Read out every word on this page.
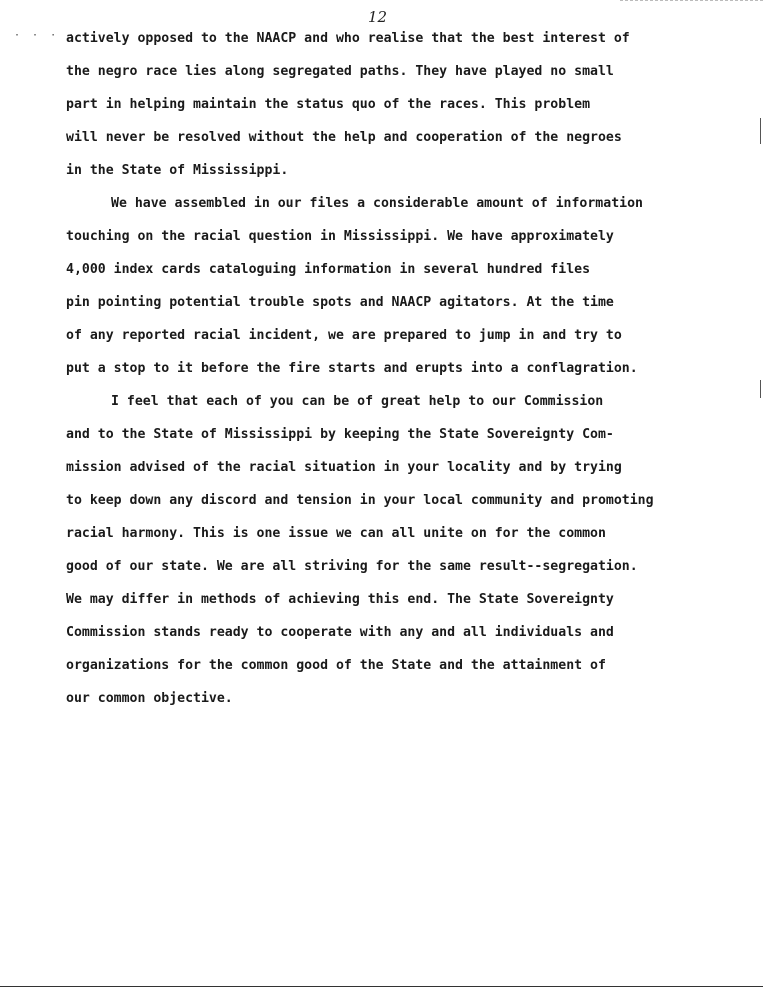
12
· · · ·
actively opposed to the NAACP and who realise that the best interest of
the negro race lies along segregated paths. They have played no small
part in helping maintain the status quo of the races. This problem
will never be resolved without the help and cooperation of the negroes
in the State of Mississippi.
We have assembled in our files a considerable amount of information
touching on the racial question in Mississippi. We have approximately
4,000 index cards cataloguing information in several hundred files
pin pointing potential trouble spots and NAACP agitators. At the time
of any reported racial incident, we are prepared to jump in and try to
put a stop to it before the fire starts and erupts into a conflagration.
I feel that each of you can be of great help to our Commission
and to the State of Mississippi by keeping the State Sovereignty Com-
mission advised of the racial situation in your locality and by trying
to keep down any discord and tension in your local community and promoting
racial harmony. This is one issue we can all unite on for the common
good of our state. We are all striving for the same result--segregation.
We may differ in methods of achieving this end. The State Sovereignty
Commission stands ready to cooperate with any and all individuals and
organizations for the common good of the State and the attainment of
our common objective.
